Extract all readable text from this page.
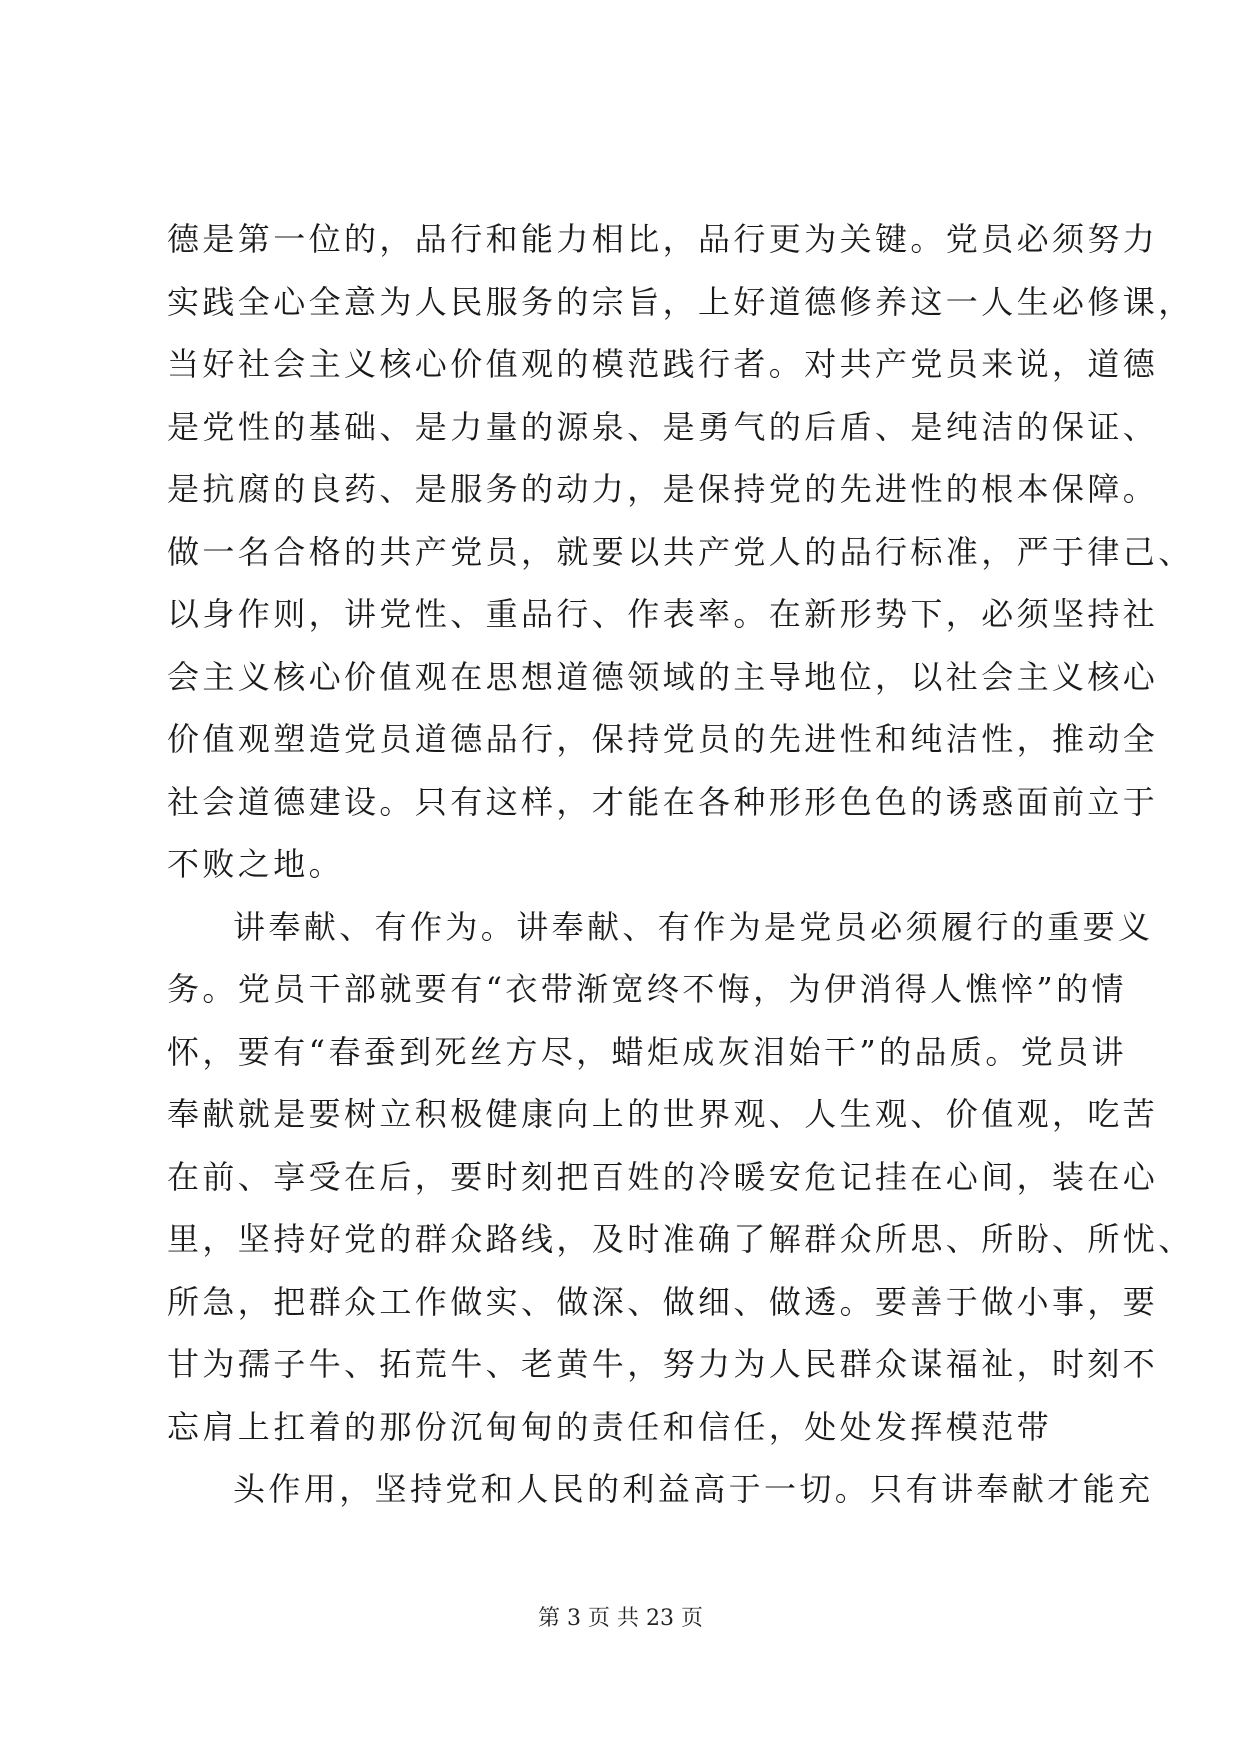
德是第一位的，品行和能力相比，品行更为关键。党员必须努力
实践全心全意为人民服务的宗旨，上好道德修养这一人生必修课，
当好社会主义核心价值观的模范践行者。对共产党员来说，道德
是党性的基础、是力量的源泉、是勇气的后盾、是纯洁的保证、
是抗腐的良药、是服务的动力，是保持党的先进性的根本保障。
做一名合格的共产党员，就要以共产党人的品行标准，严于律己、
以身作则，讲党性、重品行、作表率。在新形势下，必须坚持社
会主义核心价值观在思想道德领域的主导地位，以社会主义核心
价值观塑造党员道德品行，保持党员的先进性和纯洁性，推动全
社会道德建设。只有这样，才能在各种形形色色的诱惑面前立于
不败之地。
讲奉献、有作为。讲奉献、有作为是党员必须履行的重要义
务。党员干部就要有“衣带渐宽终不悔，为伊消得人憔悴”的情
怀，要有“春蚕到死丝方尽，蜡炬成灰泪始干”的品质。党员讲
奉献就是要树立积极健康向上的世界观、人生观、价值观，吃苦
在前、享受在后，要时刻把百姓的冷暖安危记挂在心间，装在心
里，坚持好党的群众路线，及时准确了解群众所思、所盼、所忧、
所急，把群众工作做实、做深、做细、做透。要善于做小事，要
甘为孺子牛、拓荒牛、老黄牛，努力为人民群众谋福祉，时刻不
忘肩上扛着的那份沉甸甸的责任和信任，处处发挥模范带
头作用，坚持党和人民的利益高于一切。只有讲奉献才能充
第 3 页 共 23 页
